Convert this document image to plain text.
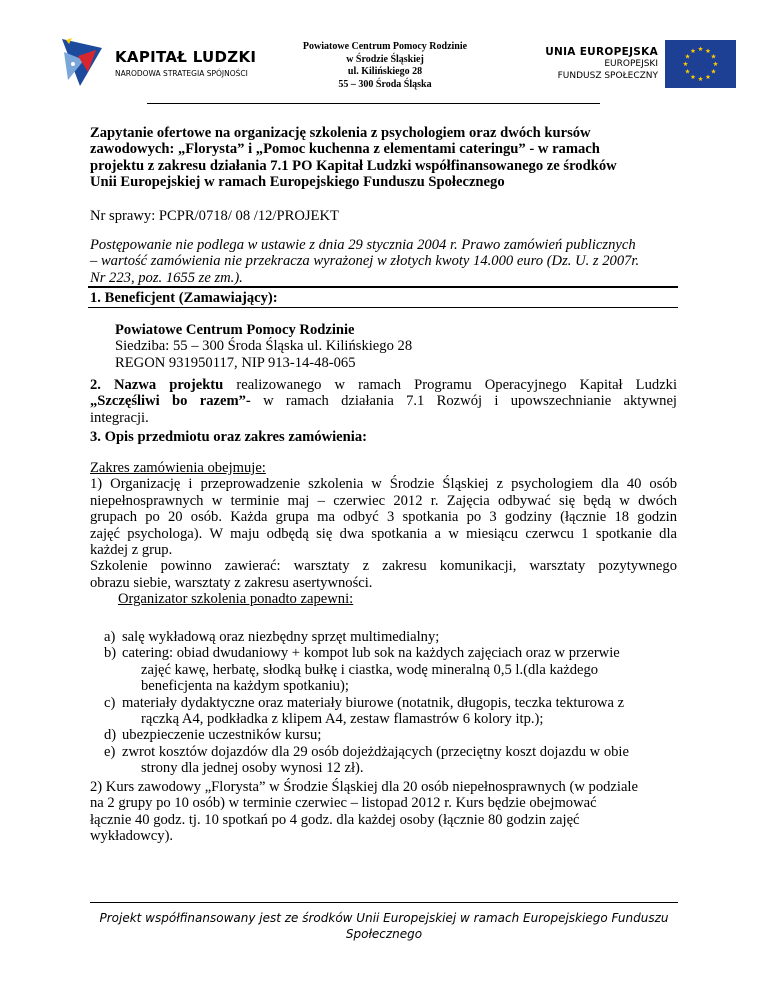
KAPITAŁ LUDZKI
NARODOWA STRATEGIA SPÓJNOŚCI
Powiatowe Centrum Pomocy Rodzinie
w Środzie Śląskiej
ul. Kilińskiego 28
55 – 300 Środa Śląska
UNIA EUROPEJSKA
EUROPEJSKI
FUNDUSZ SPOŁECZNY
Zapytanie ofertowe na organizację szkolenia z psychologiem oraz dwóch kursów
zawodowych: „Florysta” i „Pomoc kuchenna z elementami cateringu” - w ramach
projektu z zakresu działania 7.1 PO Kapitał Ludzki współfinansowanego ze środków
Unii Europejskiej w ramach Europejskiego Funduszu Społecznego
Nr sprawy: PCPR/0718/ 08 /12/PROJEKT
Postępowanie nie podlega w ustawie z dnia 29 stycznia 2004 r. Prawo zamówień publicznych
– wartość zamówienia nie przekracza wyrażonej w złotych kwoty 14.000 euro (Dz. U. z 2007r.
Nr 223, poz. 1655 ze zm.).
1. Beneficjent (Zamawiający):
Powiatowe Centrum Pomocy Rodzinie
Siedziba: 55 – 300 Środa Śląska ul. Kilińskiego 28
REGON 931950117, NIP 913-14-48-065
2. Nazwa projektu realizowanego w ramach Programu Operacyjnego Kapitał Ludzki
„Szczęśliwi bo razem”- w ramach działania 7.1 Rozwój i upowszechnianie aktywnej
integracji.
3. Opis przedmiotu oraz zakres zamówienia:
Zakres zamówienia obejmuje:
1) Organizację i przeprowadzenie szkolenia w Środzie Śląskiej z psychologiem dla 40 osób
niepełnosprawnych w terminie maj – czerwiec 2012 r. Zajęcia odbywać się będą w dwóch
grupach po 20 osób. Każda grupa ma odbyć 3 spotkania po 3 godziny (łącznie 18 godzin
zajęć psychologa). W maju odbędą się dwa spotkania a w miesiącu czerwcu 1 spotkanie dla
każdej z grup.
Szkolenie powinno zawierać: warsztaty z zakresu komunikacji, warsztaty pozytywnego
obrazu siebie, warsztaty z zakresu asertywności.
Organizator szkolenia ponadto zapewni:
a) salę wykładową oraz niezbędny sprzęt multimedialny;
b) catering: obiad dwudaniowy + kompot lub sok na każdych zajęciach oraz w przerwie
zajęć kawę, herbatę, słodką bułkę i ciastka, wodę mineralną 0,5 l.(dla każdego
beneficjenta na każdym spotkaniu);
c) materiały dydaktyczne oraz materiały biurowe (notatnik, długopis, teczka tekturowa z
rączką A4, podkładka z klipem A4, zestaw flamastrów 6 kolory itp.);
d) ubezpieczenie uczestników kursu;
e) zwrot kosztów dojazdów dla 29 osób dojeżdżających (przeciętny koszt dojazdu w obie
strony dla jednej osoby wynosi 12 zł).
2) Kurs zawodowy „Florysta” w Środzie Śląskiej dla 20 osób niepełnosprawnych (w podziale
na 2 grupy po 10 osób) w terminie czerwiec – listopad 2012 r. Kurs będzie obejmować
łącznie 40 godz. tj. 10 spotkań po 4 godz. dla każdej osoby (łącznie 80 godzin zajęć
wykładowcy).
Projekt współfinansowany jest ze środków Unii Europejskiej w ramach Europejskiego Funduszu
Społecznego
